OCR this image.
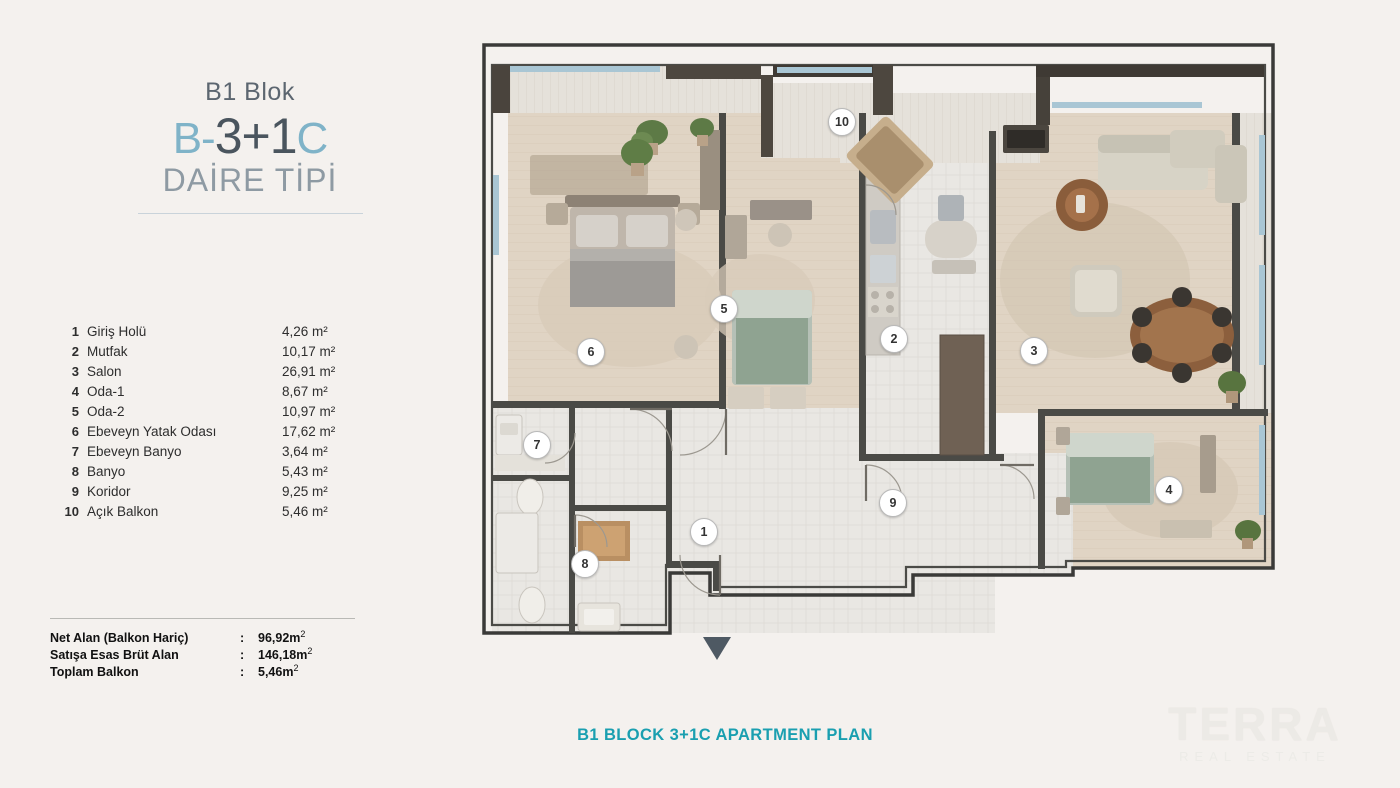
B1 Blok
B-3+1C
DAİRE TİPİ
1 Giriş Holü	4,26 m²
2 Mutfak	10,17 m²
3 Salon	26,91 m²
4 Oda-1	8,67 m²
5 Oda-2	10,97 m²
6 Ebeveyn Yatak Odası	17,62 m²
7 Ebeveyn Banyo	3,64 m²
8 Banyo	5,43 m²
9 Koridor	9,25 m²
10 Açık Balkon	5,46 m²
Net Alan (Balkon Hariç)	:	$96,92m^2$
Satışa Esas Brüt Alan	:	$146,18m^2$
Toplam Balkon	:	$5,46m^2$
1
2
3
4
5
6
7
8
9
10
B1 BLOCK 3+1C APARTMENT PLAN	TERRA
REAL ESTATE
